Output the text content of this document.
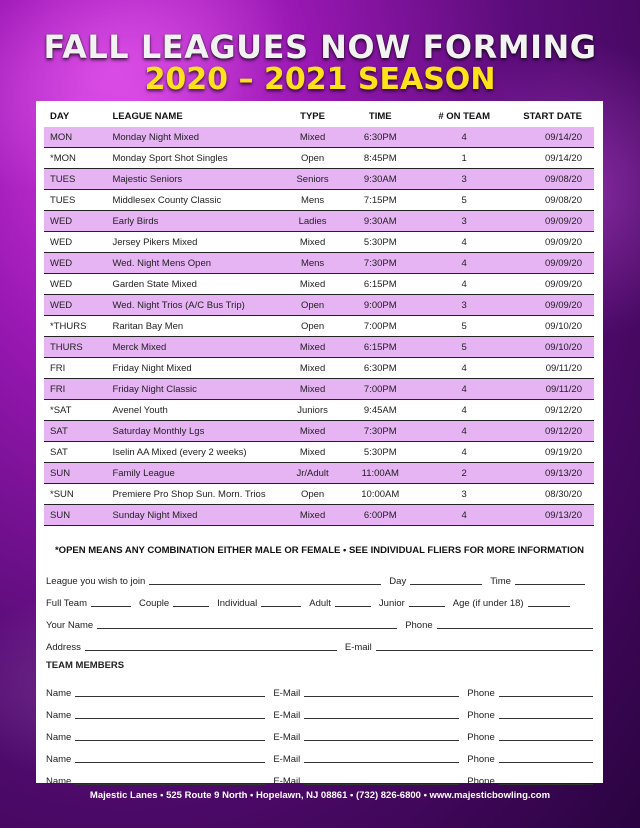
FALL LEAGUES NOW FORMING
2020 – 2021 SEASON
DAY	LEAGUE NAME	TYPE	TIME	# ON TEAM	START DATE
MON	Monday Night Mixed	Mixed	6:30PM	4	09/14/20
*MON	Monday Sport Shot Singles	Open	8:45PM	1	09/14/20
TUES	Majestic Seniors	Seniors	9:30AM	3	09/08/20
TUES	Middlesex County Classic	Mens	7:15PM	5	09/08/20
WED	Early Birds	Ladies	9:30AM	3	09/09/20
WED	Jersey Pikers Mixed	Mixed	5:30PM	4	09/09/20
WED	Wed. Night Mens Open	Mens	7:30PM	4	09/09/20
WED	Garden State Mixed	Mixed	6:15PM	4	09/09/20
WED	Wed. Night Trios (A/C Bus Trip)	Open	9:00PM	3	09/09/20
*THURS	Raritan Bay Men	Open	7:00PM	5	09/10/20
THURS	Merck Mixed	Mixed	6:15PM	5	09/10/20
FRI	Friday Night Mixed	Mixed	6:30PM	4	09/11/20
FRI	Friday Night Classic	Mixed	7:00PM	4	09/11/20
*SAT	Avenel Youth	Juniors	9:45AM	4	09/12/20
SAT	Saturday Monthly Lgs	Mixed	7:30PM	4	09/12/20
SAT	Iselin AA Mixed (every 2 weeks)	Mixed	5:30PM	4	09/19/20
SUN	Family League	Jr/Adult	11:00AM	2	09/13/20
*SUN	Premiere Pro Shop Sun. Morn. Trios	Open	10:00AM	3	08/30/20
SUN	Sunday Night Mixed	Mixed	6:00PM	4	09/13/20
*OPEN MEANS ANY COMBINATION EITHER MALE OR FEMALE • SEE INDIVIDUAL FLIERS FOR MORE INFORMATION
League you wish to join	Day	Time
Full Team	Couple	Individual	Adult	Junior	Age (if under 18)
Your Name	Phone
Address	E-mail
TEAM MEMBERS
Name	E-Mail	Phone
Name	E-Mail	Phone
Name	E-Mail	Phone
Name	E-Mail	Phone
Name	E-Mail	Phone
Majestic Lanes • 525 Route 9 North • Hopelawn, NJ 08861 • (732) 826-6800 • www.majesticbowling.com
